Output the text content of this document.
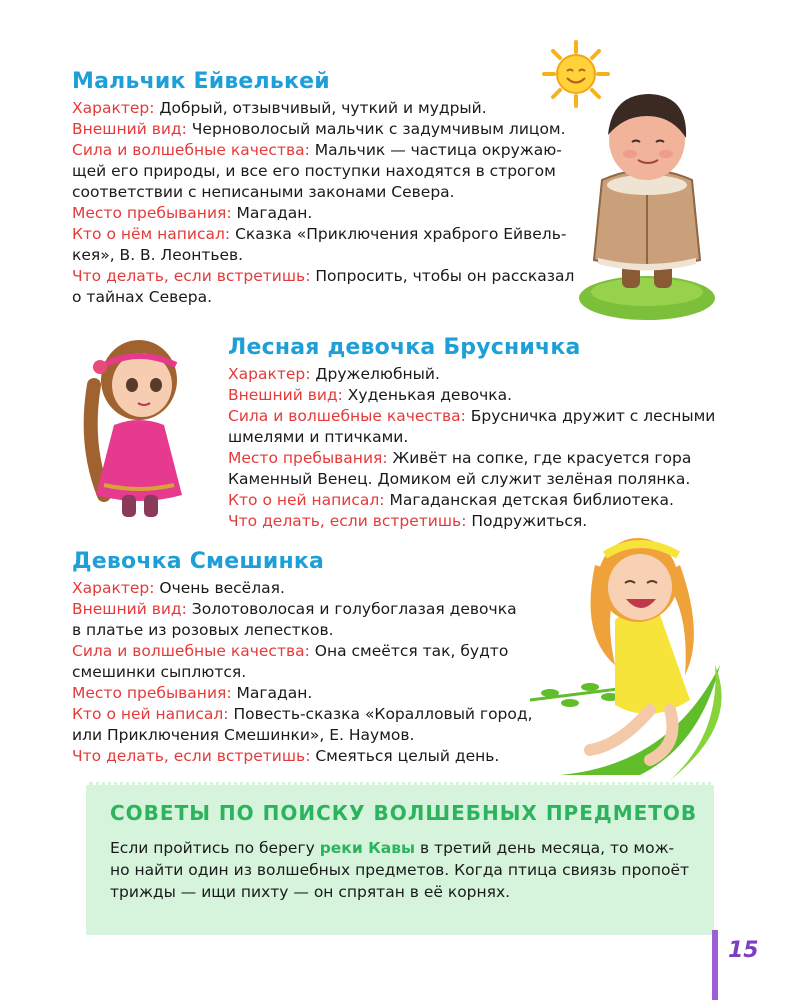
Мальчик Ейвелькей
Характер: Добрый, отзывчивый, чуткий и мудрый.
Внешний вид: Черноволосый мальчик с задумчивым лицом.
Сила и волшебные качества: Мальчик — частица окружаю-
щей его природы, и все его поступки находятся в строгом
соответствии с неписаными законами Севера.
Место пребывания: Магадан.
Кто о нём написал: Сказка «Приключения храброго Ейвель-
кея», В. В. Леонтьев.
Что делать, если встретишь: Попросить, чтобы он рассказал
о тайнах Севера.
Лесная девочка Брусничка
Характер: Дружелюбный.
Внешний вид: Худенькая девочка.
Сила и волшебные качества: Брусничка дружит с лесными
шмелями и птичками.
Место пребывания: Живёт на сопке, где красуется гора
Каменный Венец. Домиком ей служит зелёная полянка.
Кто о ней написал: Магаданская детская библиотека.
Что делать, если встретишь: Подружиться.
Девочка Смешинка
Характер: Очень весёлая.
Внешний вид: Золотоволосая и голубоглазая девочка
в платье из розовых лепестков.
Сила и волшебные качества: Она смеётся так, будто
смешинки сыплются.
Место пребывания: Магадан.
Кто о ней написал: Повесть-сказка «Коралловый город,
или Приключения Смешинки», Е. Наумов.
Что делать, если встретишь: Смеяться целый день.
СОВЕТЫ ПО ПОИСКУ ВОЛШЕБНЫХ ПРЕДМЕТОВ
Если пройтись по берегу реки Кавы в третий день месяца, то мож-
но найти один из волшебных предметов. Когда птица свиязь пропоёт
трижды — ищи пихту — он спрятан в её корнях.
15
